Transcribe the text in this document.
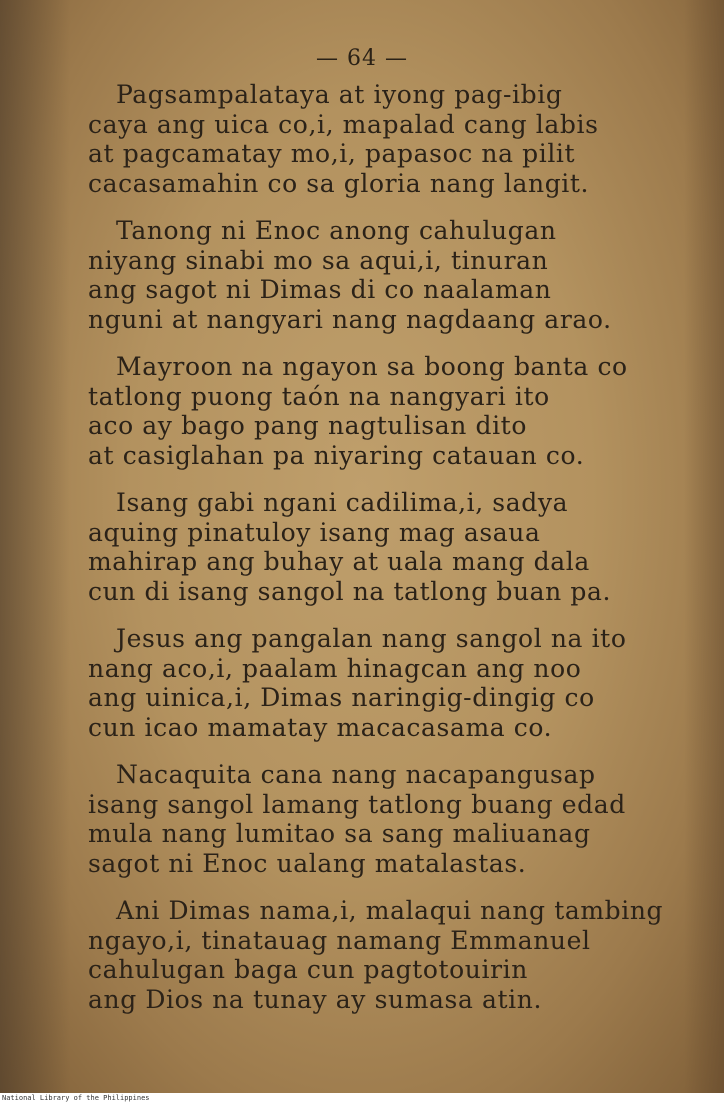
— 64 —
Pagsampalataya at iyong pag-ibig
caya ang uica co,i, mapalad cang labis
at pagcamatay mo,i, papasoc na pilit
cacasamahin co sa gloria nang langit.
Tanong ni Enoc anong cahulugan
niyang sinabi mo sa aqui,i, tinuran
ang sagot ni Dimas di co naalaman
nguni at nangyari nang nagdaang arao.
Mayroon na ngayon sa boong banta co
tatlong puong taón na nangyari ito
aco ay bago pang nagtulisan dito
at casiglahan pa niyaring catauan co.
Isang gabi ngani cadilima,i, sadya
aquing pinatuloy isang mag asaua
mahirap ang buhay at uala mang dala
cun di isang sangol na tatlong buan pa.
Jesus ang pangalan nang sangol na ito
nang aco,i, paalam hinagcan ang noo
ang uinica,i, Dimas naringig-dingig co
cun icao mamatay macacasama co.
Nacaquita cana nang nacapangusap
isang sangol lamang tatlong buang edad
mula nang lumitao sa sang maliuanag
sagot ni Enoc ualang matalastas.
Ani Dimas nama,i, malaqui nang tambing
ngayo,i, tinatauag namang Emmanuel
cahulugan baga cun pagtotouirin
ang Dios na tunay ay sumasa atin.
National Library of the Philippines
